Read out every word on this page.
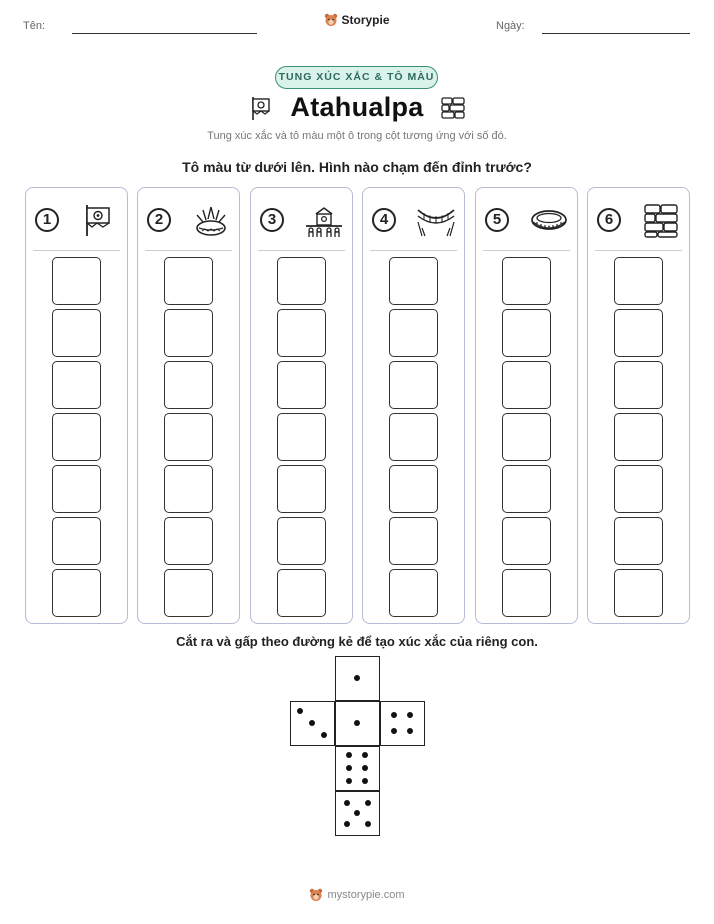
Tên:	Storypie	Ngày:
TUNG XÚC XẮC & TÔ MÀU
Atahualpa
Tung xúc xắc và tô màu một ô trong cột tương ứng với số đó.
Tô màu từ dưới lên. Hình nào chạm đến đỉnh trước?
1	2	3	4	5	6
Cắt ra và gấp theo đường kẻ để tạo xúc xắc của riêng con.
mystorypie.com
